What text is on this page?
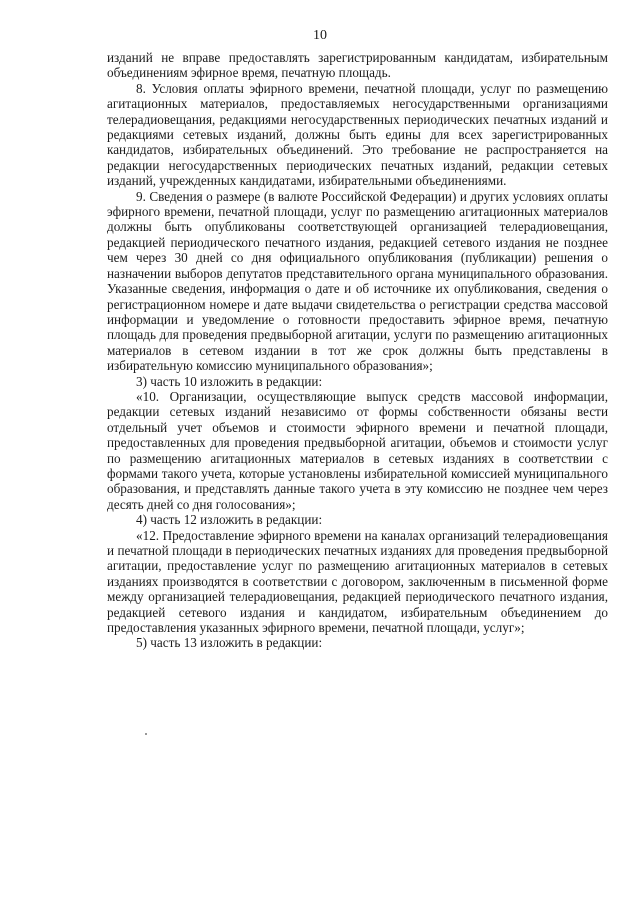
10

изданий не вправе предоставлять зарегистрированным кандидатам, избирательным объединениям эфирное время, печатную площадь.

8. Условия оплаты эфирного времени, печатной площади, услуг по размещению агитационных материалов, предоставляемых негосударственными организациями телерадиовещания, редакциями негосударственных периодических печатных изданий и редакциями сетевых изданий, должны быть едины для всех зарегистрированных кандидатов, избирательных объединений. Это требование не распространяется на редакции негосударственных периодических печатных изданий, редакции сетевых изданий, учрежденных кандидатами, избирательными объединениями.

9. Сведения о размере (в валюте Российской Федерации) и других условиях оплаты эфирного времени, печатной площади, услуг по размещению агитационных материалов должны быть опубликованы соответствующей организацией телерадиовещания, редакцией периодического печатного издания, редакцией сетевого издания не позднее чем через 30 дней со дня официального опубликования (публикации) решения о назначении выборов депутатов представительного органа муниципального образования. Указанные сведения, информация о дате и об источнике их опубликования, сведения о регистрационном номере и дате выдачи свидетельства о регистрации средства массовой информации и уведомление о готовности предоставить эфирное время, печатную площадь для проведения предвыборной агитации, услуги по размещению агитационных материалов в сетевом издании в тот же срок должны быть представлены в избирательную комиссию муниципального образования»;

3) часть 10 изложить в редакции:

«10. Организации, осуществляющие выпуск средств массовой информации, редакции сетевых изданий независимо от формы собственности обязаны вести отдельный учет объемов и стоимости эфирного времени и печатной площади, предоставленных для проведения предвыборной агитации, объемов и стоимости услуг по размещению агитационных материалов в сетевых изданиях в соответствии с формами такого учета, которые установлены избирательной комиссией муниципального образования, и представлять данные такого учета в эту комиссию не позднее чем через десять дней со дня голосования»;

4) часть 12 изложить в редакции:

«12. Предоставление эфирного времени на каналах организаций телерадиовещания и печатной площади в периодических печатных изданиях для проведения предвыборной агитации, предоставление услуг по размещению агитационных материалов в сетевых изданиях производятся в соответствии с договором, заключенным в письменной форме между организацией телерадиовещания, редакцией периодического печатного издания, редакцией сетевого издания и кандидатом, избирательным объединением до предоставления указанных эфирного времени, печатной площади, услуг»;

5) часть 13 изложить в редакции:
